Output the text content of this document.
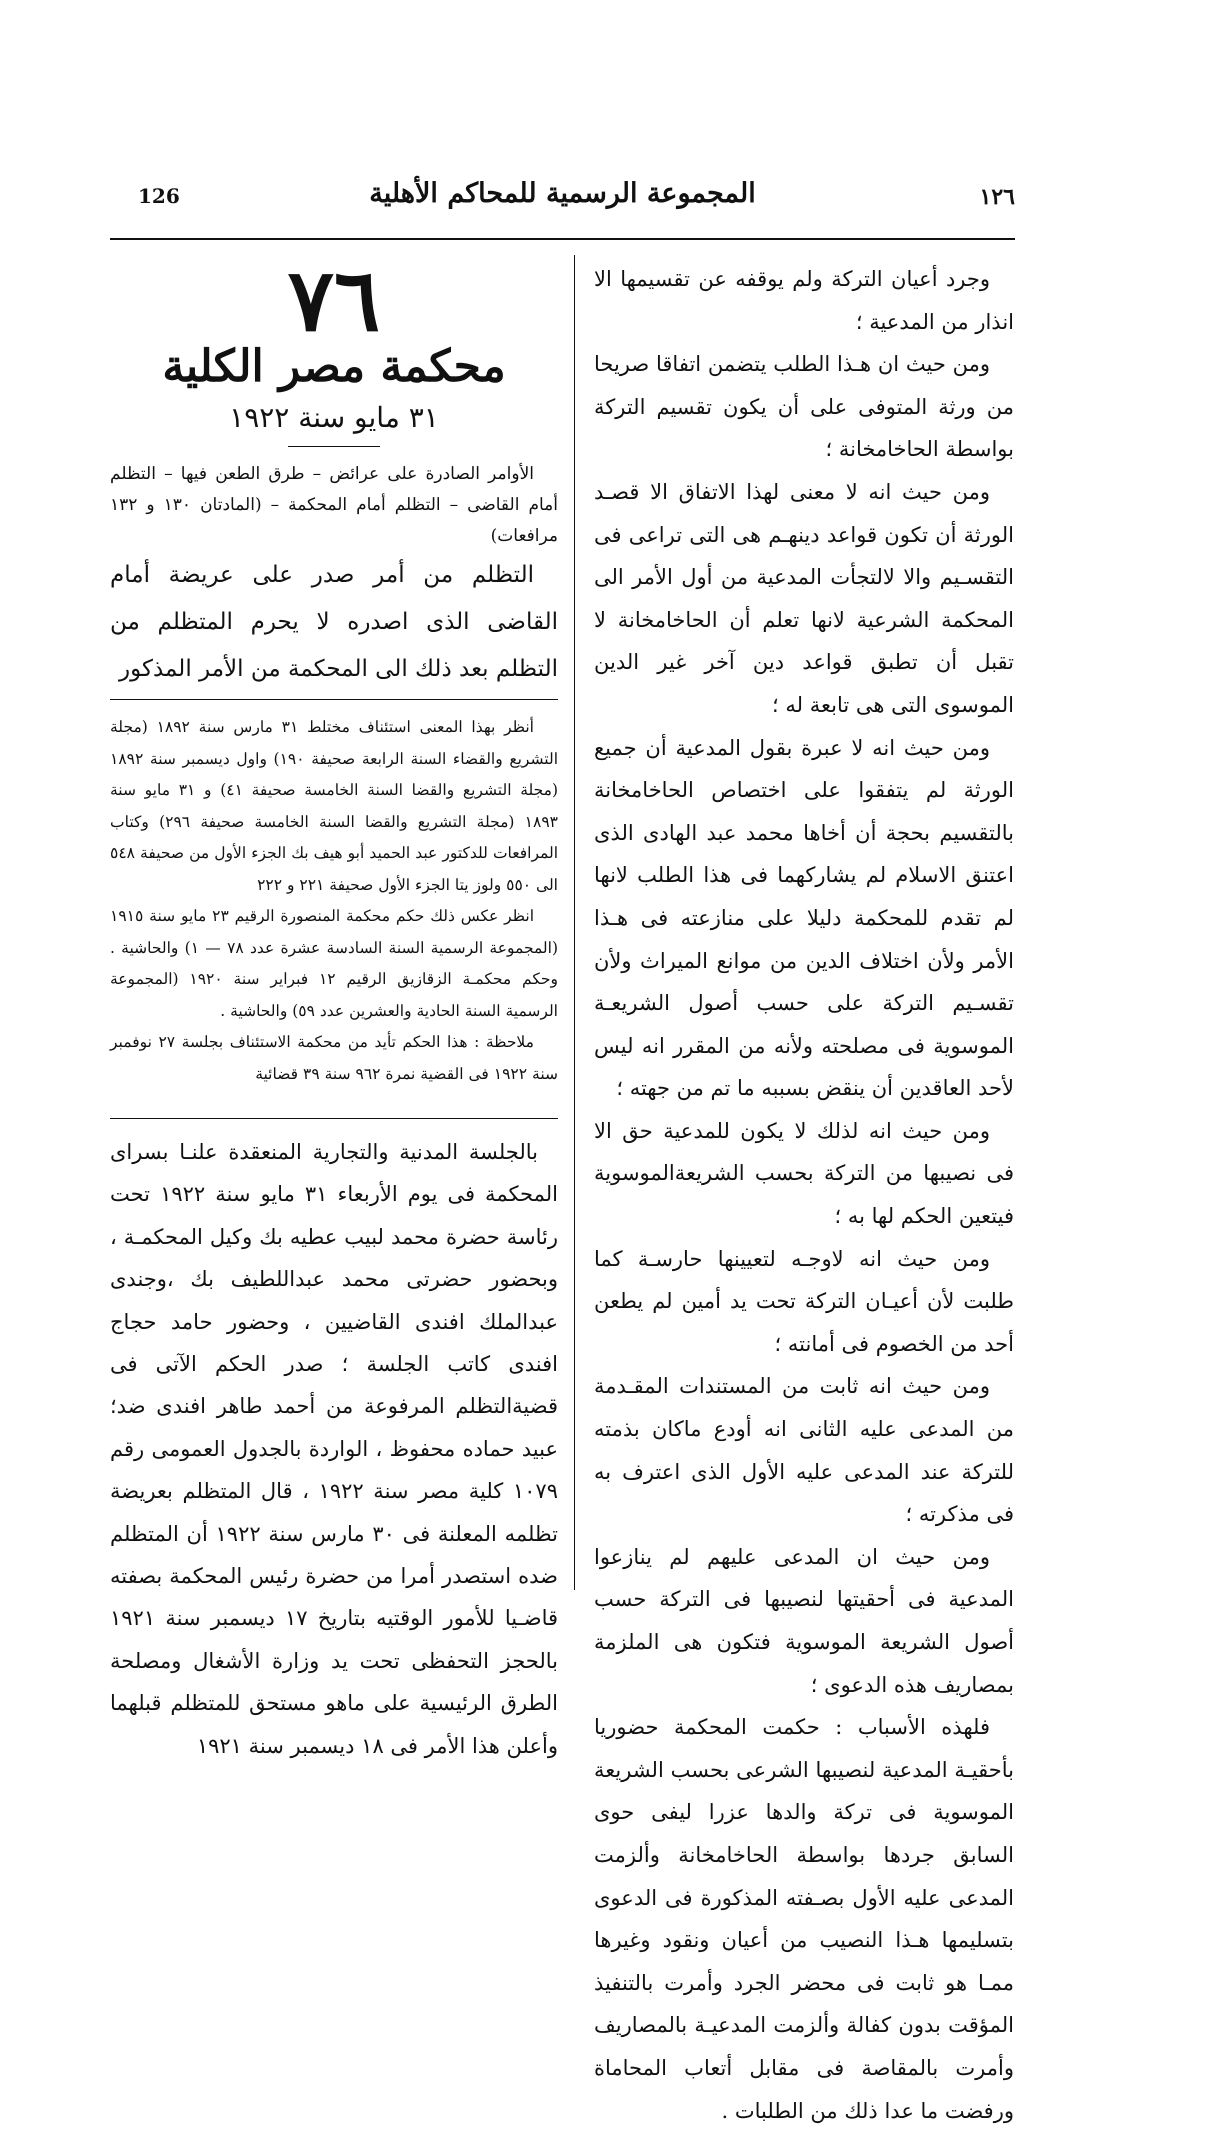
١٢٦
المجموعة الرسمية للمحاكم الأهلية
126

وجرد أعيان التركة ولم يوقفه عن تقسيمها الا انذار من المدعية ؛

ومن حيث ان هـذا الطلب يتضمن اتفاقا صريحا من ورثة المتوفى على أن يكون تقسيم التركة بواسطة الحاخامخانة ؛

ومن حيث انه لا معنى لهذا الاتفاق الا قصـد الورثة أن تكون قواعد دينهـم هى التى تراعى فى التقسـيم والا لالتجأت المدعية من أول الأمر الى المحكمة الشرعية لانها تعلم أن الحاخامخانة لا تقبل أن تطبق قواعد دين آخر غير الدين الموسوى التى هى تابعة له ؛

ومن حيث انه لا عبرة بقول المدعية أن جميع الورثة لم يتفقوا على اختصاص الحاخامخانة بالتقسيم بحجة أن أخاها محمد عبد الهادى الذى اعتنق الاسلام لم يشاركهما فى هذا الطلب لانها لم تقدم للمحكمة دليلا على منازعته فى هـذا الأمر ولأن اختلاف الدين من موانع الميراث ولأن تقسـيم التركة على حسب أصول الشريعـة الموسوية فى مصلحته ولأنه من المقرر انه ليس لأحد العاقدين أن ينقض بسببه ما تم من جهته ؛

ومن حيث انه لذلك لا يكون للمدعية حق الا فى نصيبها من التركة بحسب الشريعةالموسوية فيتعين الحكم لها به ؛

ومن حيث انه لاوجـه لتعيينها حارسـة كما طلبت لأن أعيـان التركة تحت يد أمين لم يطعن أحد من الخصوم فى أمانته ؛

ومن حيث انه ثابت من المستندات المقـدمة من المدعى عليه الثانى انه أودع ماكان بذمته للتركة عند المدعى عليه الأول الذى اعترف به فى مذكرته ؛

ومن حيث ان المدعى عليهم لم ينازعوا المدعية فى أحقيتها لنصيبها فى التركة حسب أصول الشريعة الموسوية فتكون هى الملزمة بمصاريف هذه الدعوى ؛

فلهذه الأسباب : حكمت المحكمة حضوريا بأحقيـة المدعية لنصيبها الشرعى بحسب الشريعة الموسوية فى تركة والدها عزرا ليفى حوى السابق جردها بواسطة الحاخامخانة وألزمت المدعى عليه الأول بصـفته المذكورة فى الدعوى بتسليمها هـذا النصيب من أعيان ونقود وغيرها ممـا هو ثابت فى محضر الجرد وأمرت بالتنفيذ المؤقت بدون كفالة وألزمت المدعيـة بالمصاريف وأمرت بالمقاصة فى مقابل أتعاب المحاماة ورفضت ما عدا ذلك من الطلبات .

٧٦
محكمة مصر الكلية
٣١ مايو سنة ١٩٢٢

الأوامر الصادرة على عرائض – طرق الطعن فيها – التظلم أمام القاضى – التظلم أمام المحكمة – (المادتان ١٣٠ و ١٣٢ مرافعات)

التظلم من أمر صدر على عريضة أمام القاضى الذى اصدره لا يحرم المتظلم من التظلم بعد ذلك الى المحكمة من الأمر المذكور

أنظر بهذا المعنى استئناف مختلط ٣١ مارس سنة ١٨٩٢ (مجلة التشريع والقضاء السنة الرابعة صحيفة ١٩٠) واول ديسمبر سنة ١٨٩٢ (مجلة التشريع والقضا السنة الخامسة صحيفة ٤١) و ٣١ مايو سنة ١٨٩٣ (مجلة التشريع والقضا السنة الخامسة صحيفة ٢٩٦) وكتاب المرافعات للدكتور عبد الحميد أبو هيف بك الجزء الأول من صحيفة ٥٤٨ الى ٥٥٠ ولوز يتا الجزء الأول صحيفة ٢٢١ و ٢٢٢

انظر عكس ذلك حكم محكمة المنصورة الرقيم ٢٣ مايو سنة ١٩١٥ (المجموعة الرسمية السنة السادسة عشرة عدد ٧٨ — ١) والحاشية . وحكم محكمـة الزقازيق الرقيم ١٢ فبراير سنة ١٩٢٠ (المجموعة الرسمية السنة الحادية والعشرين عدد ٥٩) والحاشية .

ملاحظة : هذا الحكم تأيد من محكمة الاستئناف بجلسة ٢٧ نوفمبر سنة ١٩٢٢ فى القضية نمرة ٩٦٢ سنة ٣٩ قضائية

بالجلسة المدنية والتجارية المنعقدة علنـا بسراى المحكمة فى يوم الأربعاء ٣١ مايو سنة ١٩٢٢ تحت رئاسة حضرة محمد لبيب عطيه بك وكيل المحكمـة ، وبحضور حضرتى محمد عبداللطيف بك ،وجندى عبدالملك افندى القاضيين ، وحضور حامد حجاج افندى كاتب الجلسة ؛ صدر الحكم الآتى فى قضيةالتظلم المرفوعة من أحمد طاهر افندى ضد؛ عبيد حماده محفوظ ، الواردة بالجدول العمومى رقم ١٠٧٩ كلية مصر سنة ١٩٢٢ ، قال المتظلم بعريضة تظلمه المعلنة فى ٣٠ مارس سنة ١٩٢٢ أن المتظلم ضده استصدر أمرا من حضرة رئيس المحكمة بصفته قاضـيا للأمور الوقتيه بتاريخ ١٧ ديسمبر سنة ١٩٢١ بالحجز التحفظى تحت يد وزارة الأشغال ومصلحة الطرق الرئيسية على ماهو مستحق للمتظلم قبلهما وأعلن هذا الأمر فى ١٨ ديسمبر سنة ١٩٢١
